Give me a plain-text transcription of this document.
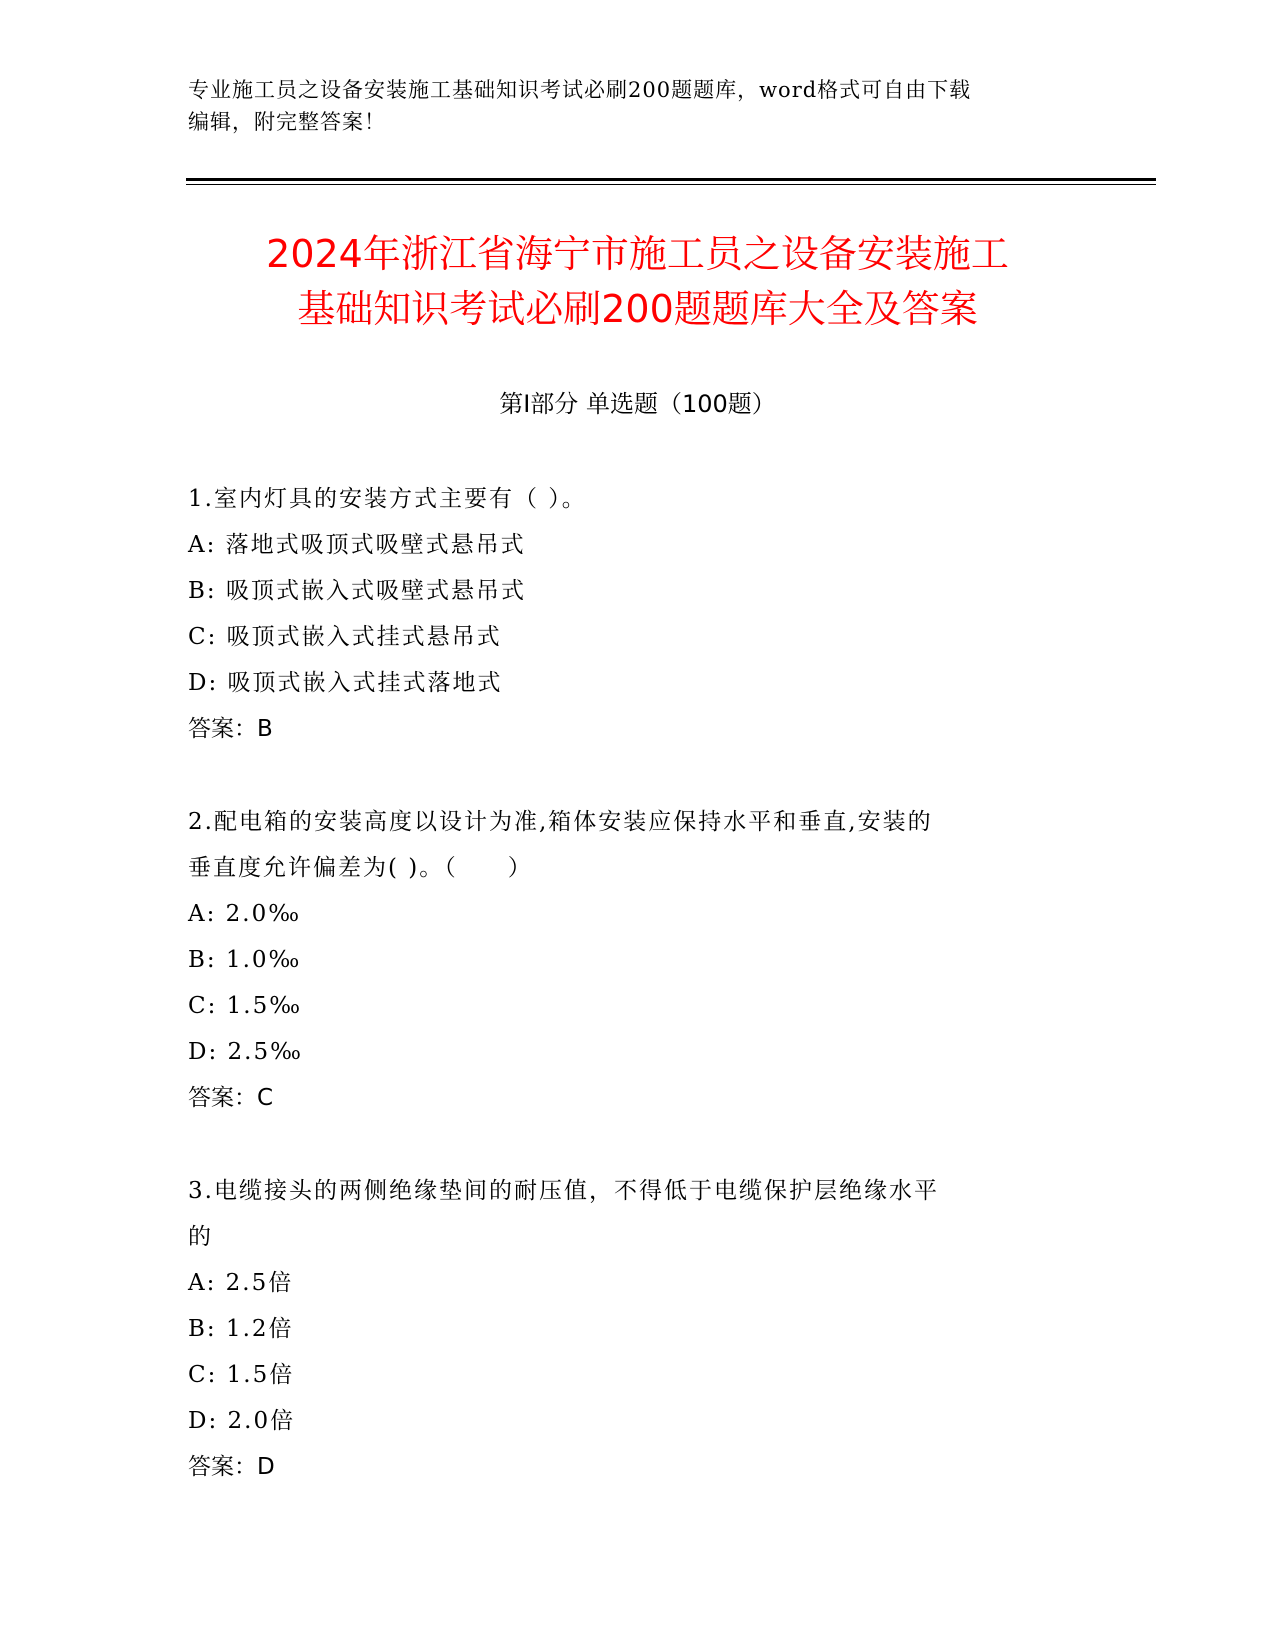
专业施工员之设备安装施工基础知识考试必刷200题题库，word格式可自由下载
编辑，附完整答案！
2024年浙江省海宁市施工员之设备安装施工
基础知识考试必刷200题题库大全及答案
第Ⅰ部分 单选题（100题）
1.室内灯具的安装方式主要有（ ）。
A: 落地式吸顶式吸壁式悬吊式
B: 吸顶式嵌入式吸壁式悬吊式
C: 吸顶式嵌入式挂式悬吊式
D: 吸顶式嵌入式挂式落地式
答案：B
2.配电箱的安装高度以设计为准,箱体安装应保持水平和垂直,安装的
垂直度允许偏差为( )。（　　）
A: 2.0‰
B: 1.0‰
C: 1.5‰
D: 2.5‰
答案：C
3.电缆接头的两侧绝缘垫间的耐压值，不得低于电缆保护层绝缘水平
的
A: 2.5倍
B: 1.2倍
C: 1.5倍
D: 2.0倍
答案：D
